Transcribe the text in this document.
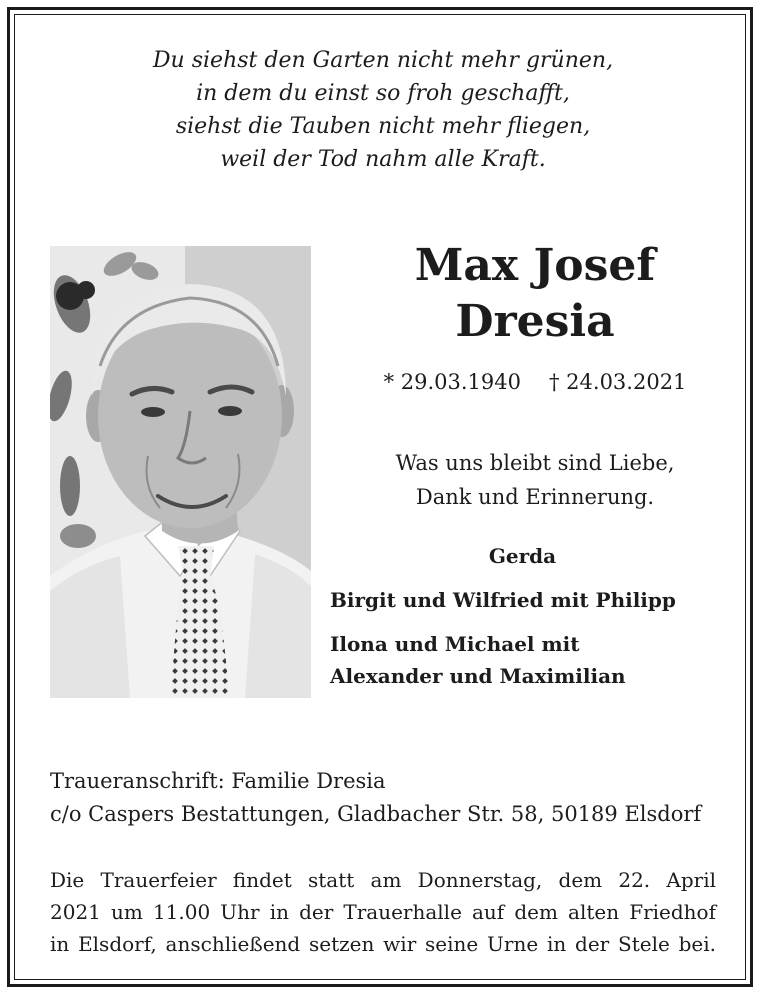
Du siehst den Garten nicht mehr grünen,
in dem du einst so froh geschafft,
siehst die Tauben nicht mehr fliegen,
weil der Tod nahm alle Kraft.
Max Josef
Dresia
* 29.03.1940 † 24.03.2021
Was uns bleibt sind Liebe,
Dank und Erinnerung.
Gerda
Birgit und Wilfried mit Philipp
Ilona und Michael mit
Alexander und Maximilian
Traueranschrift: Familie Dresia
c/o Caspers Bestattungen, Gladbacher Str. 58, 50189 Elsdorf
Die Trauerfeier findet statt am Donnerstag, dem 22. April
2021 um 11.00 Uhr in der Trauerhalle auf dem alten Friedhof
in Elsdorf, anschließend setzen wir seine Urne in der Stele bei.
